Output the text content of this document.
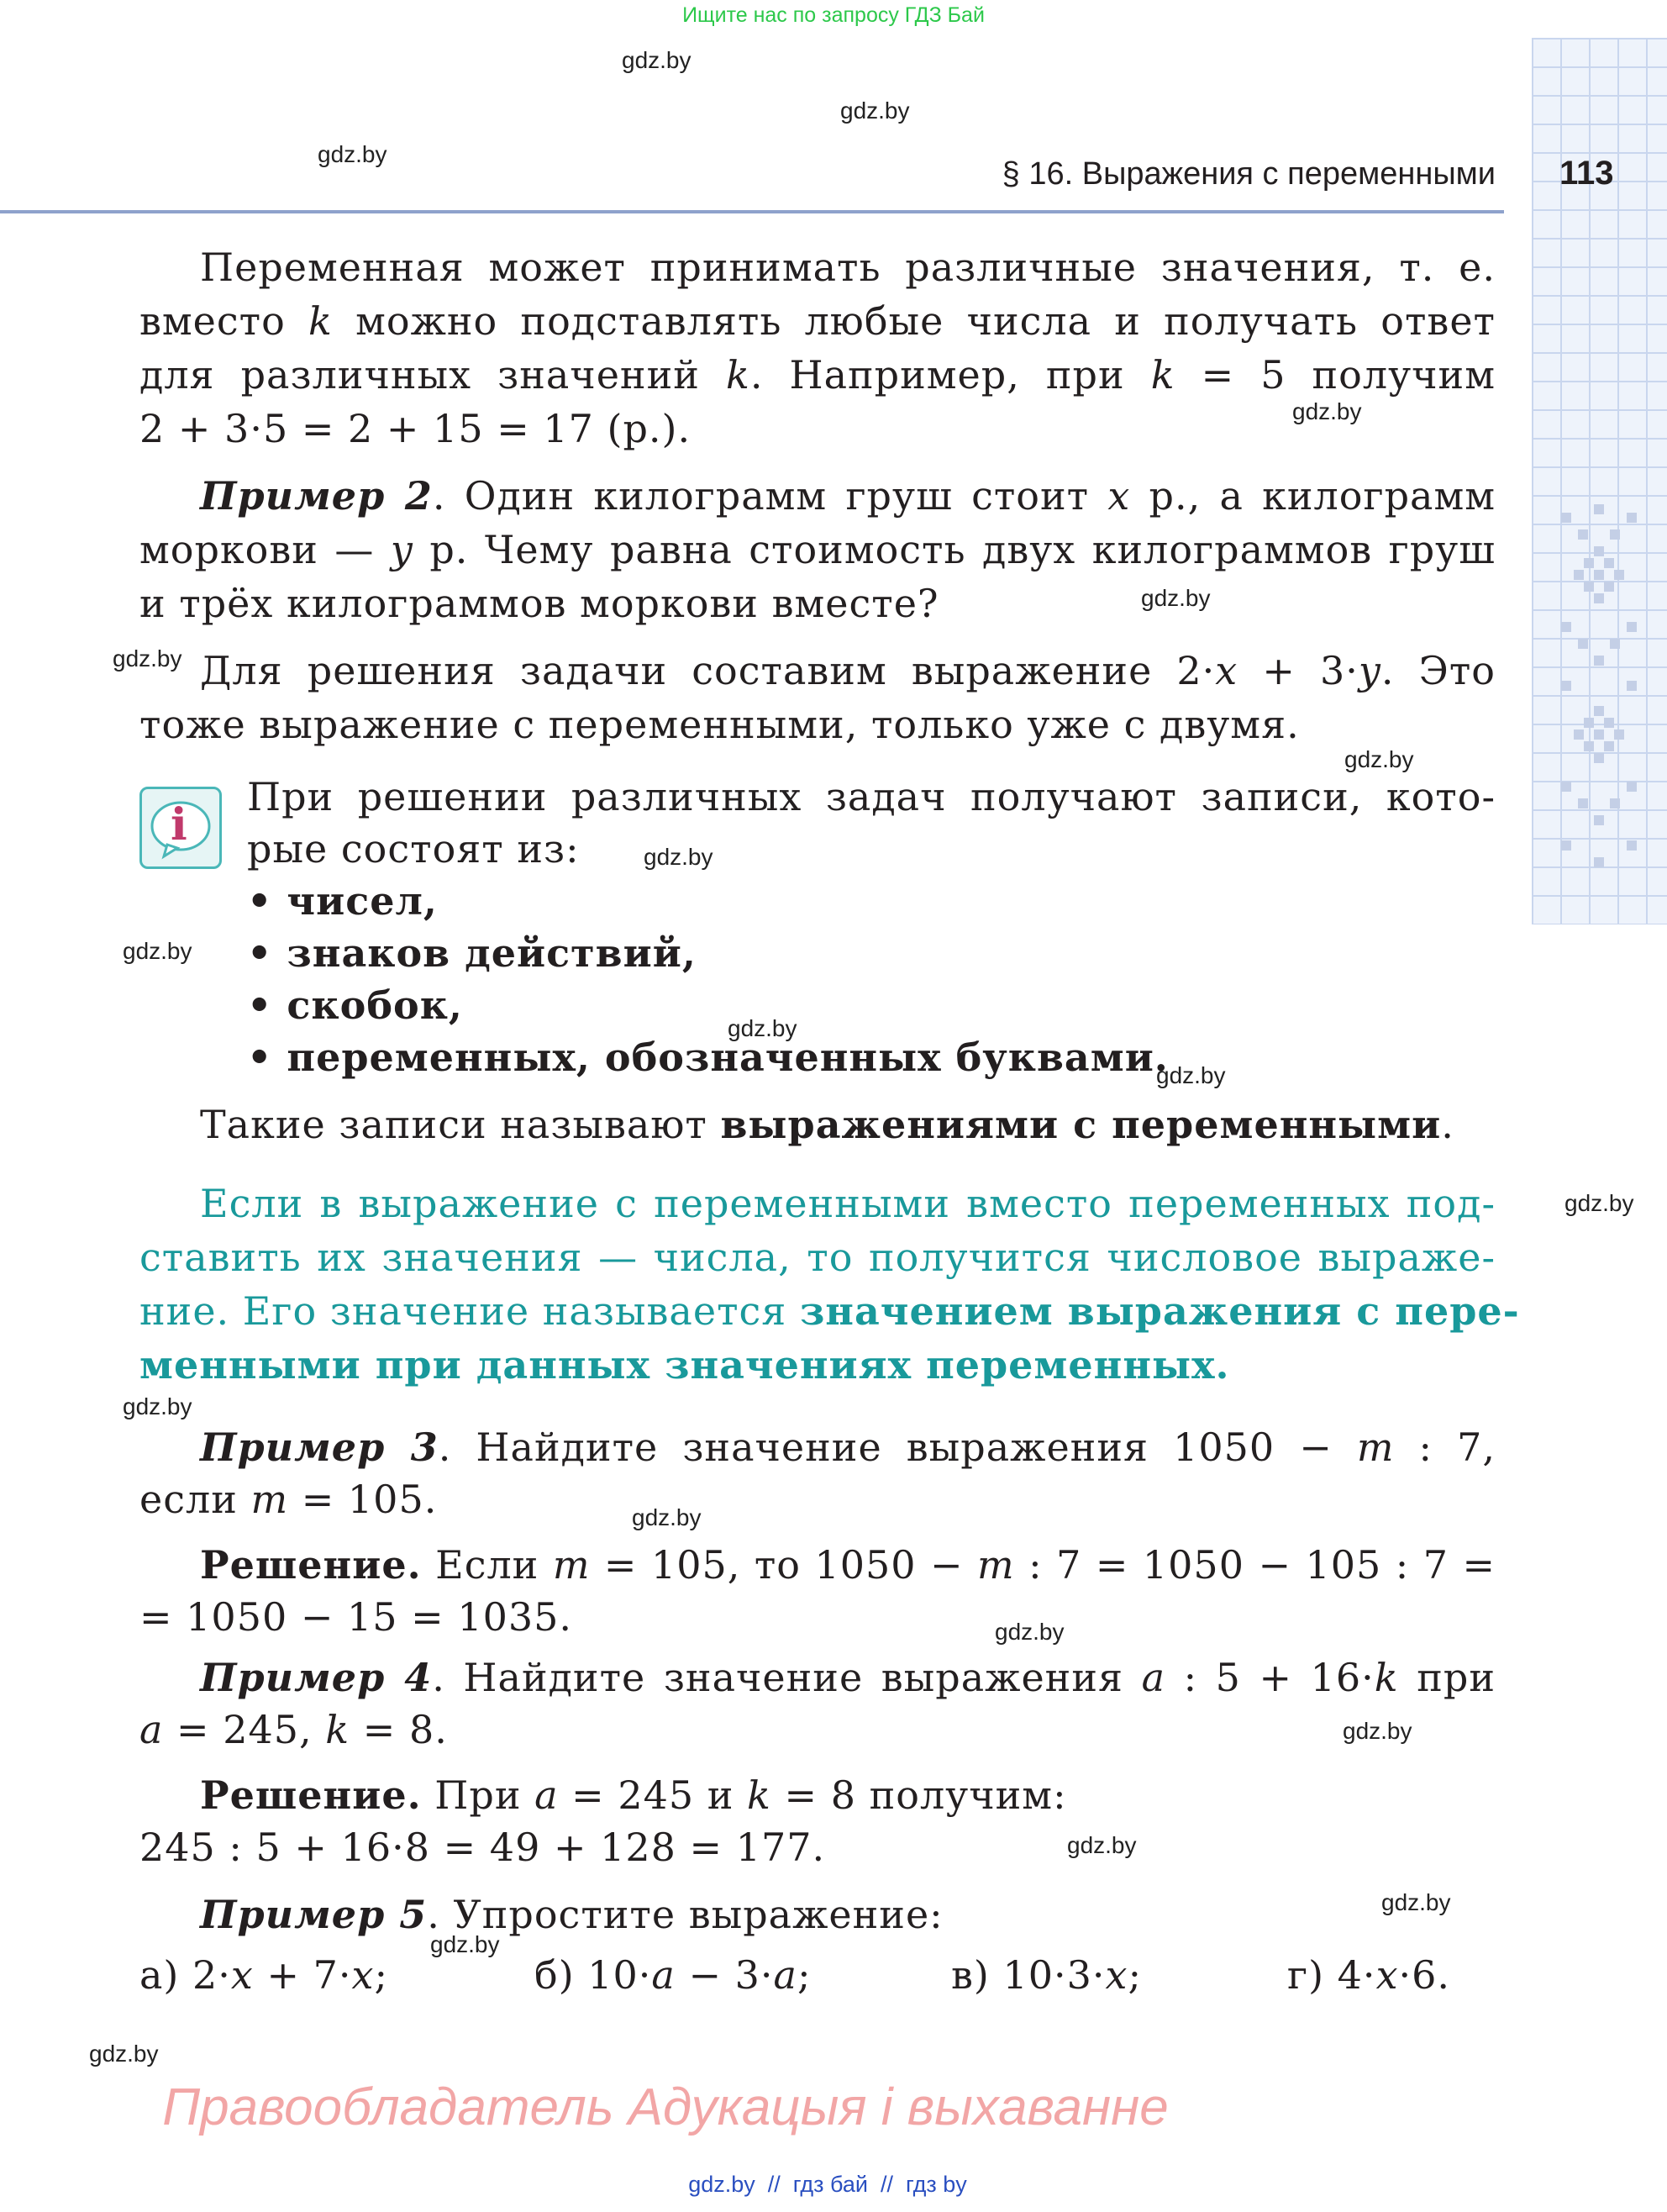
Ищите нас по запросу ГДЗ Бай
gdz.by
gdz.by
gdz.by
gdz.by
gdz.by
gdz.by
gdz.by
gdz.by
gdz.by
gdz.by
gdz.by
gdz.by
gdz.by
gdz.by
gdz.by
gdz.by
gdz.by
gdz.by
gdz.by
gdz.by
§ 16. Выражения с переменными 113
Переменная может принимать различные значения, т. е.
вместо k можно подставлять любые числа и получать ответ
для различных значений k. Например, при k = 5 получим
2 + 3·5 = 2 + 15 = 17 (р.).
Пример 2. Один килограмм груш стоит x р., а килограмм
моркови — y р. Чему равна стоимость двух килограммов груш
и трёх килограммов моркови вместе?
Для решения задачи составим выражение 2·x + 3·y. Это
тоже выражение с переменными, только уже с двумя.
i
При решении различных задач получают записи, кото-
рые состоят из:
• чисел,
• знаков действий,
• скобок,
• переменных, обозначенных буквами.
Такие записи называют выражениями с переменными.
Если в выражение с переменными вместо переменных под-
ставить их значения — числа, то получится числовое выраже-
ние. Его значение называется значением выражения с пере-
менными при данных значениях переменных.
Пример 3. Найдите значение выражения 1050 − m : 7,
если m = 105.
Решение. Если m = 105, то 1050 − m : 7 = 1050 − 105 : 7 =
= 1050 − 15 = 1035.
Пример 4. Найдите значение выражения a : 5 + 16·k при
a = 245, k = 8.
Решение. При a = 245 и k = 8 получим:
245 : 5 + 16·8 = 49 + 128 = 177.
Пример 5. Упростите выражение:
а) 2·x + 7·x;	б) 10·a − 3·a;	в) 10·3·x;	г) 4·x·6.
Правообладатель Адукацыя і выхаванне
gdz.by  //  гдз бай  //  гдз by
